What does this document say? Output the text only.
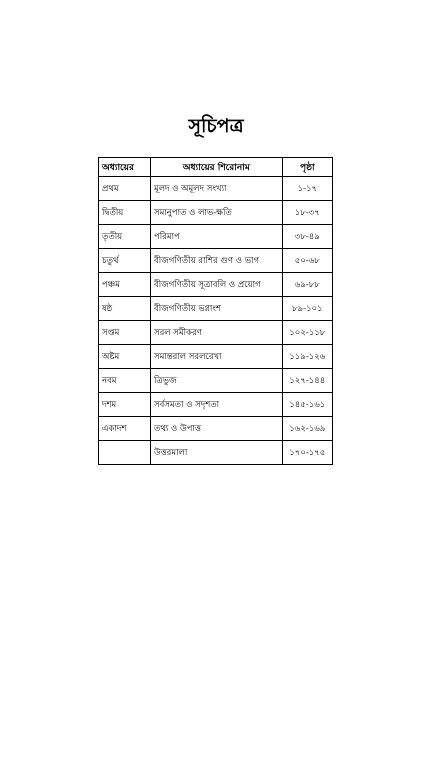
সূচিপত্র
অধ্যায়ের	অধ্যায়ের শিরোনাম	পৃষ্ঠা
প্রথম	মূলদ ও অমূলদ সংখ্যা	১-১৭
দ্বিতীয়	সমানুপাত ও লাভ-ক্ষতি	১৮-৩৭
তৃতীয়	পরিমাপ	৩৮-৪৯
চতুর্থ	বীজগণিতীয় রাশির গুণ ও ভাগ	৫০-৬৮
পঞ্চম	বীজগণিতীয় সূত্রাবলি ও প্রয়োগ	৬৯-৮৮
ষষ্ঠ	বীজগণিতীয় ভগ্নাংশ	৮৯-১০১
সপ্তম	সরল সমীকরণ	১০২-১১৮
অষ্টম	সমান্তরাল সরলরেখা	১১৯-১২৬
নবম	ত্রিভুজ	১২৭-১৪৪
দশম	সর্বসমতা ও সদৃশতা	১৪৫-১৬১
একাদশ	তথ্য ও উপাত্ত	১৬২-১৬৯
	উত্তরমালা	১৭০-১৭৫
